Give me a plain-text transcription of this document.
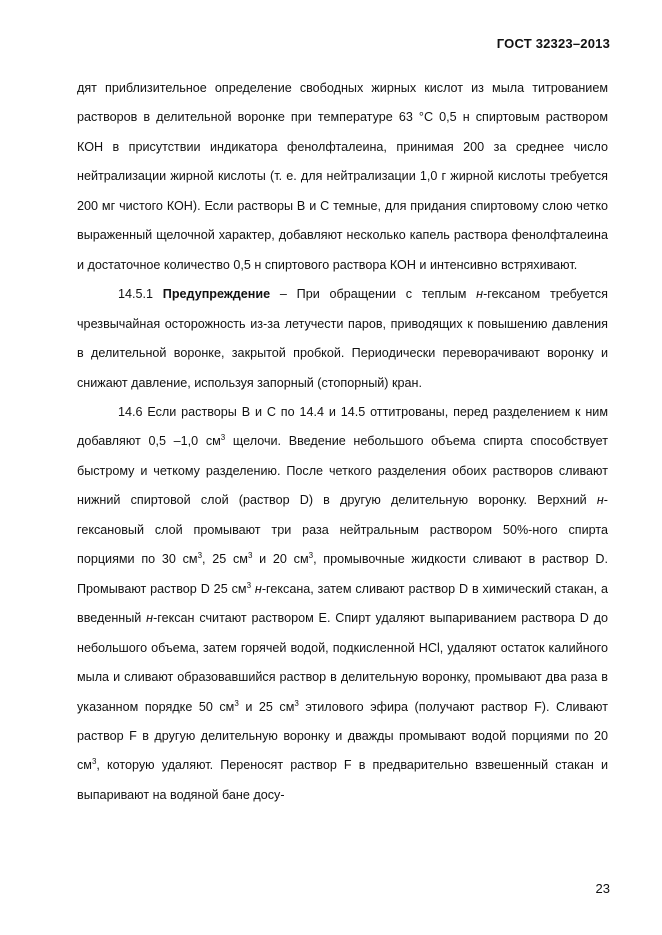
ГОСТ 32323–2013

дят приблизительное определение свободных жирных кислот из мыла титрованием растворов в делительной воронке при температуре 63 °С 0,5 н спиртовым раствором КОН в присутствии индикатора фенолфталеина, принимая 200 за среднее число нейтрализации жирной кислоты (т. е. для нейтрализации 1,0 г жирной кислоты требуется 200 мг чистого КОН). Если растворы В и С темные, для придания спиртовому слою четко выраженный щелочной характер, добавляют несколько капель раствора фенолфталеина и достаточное количество 0,5 н спиртового раствора КОН и интенсивно встряхивают.

14.5.1 Предупреждение – При обращении с теплым н-гексаном требуется чрезвычайная осторожность из-за летучести паров, приводящих к повышению давления в делительной воронке, закрытой пробкой. Периодически переворачивают воронку и снижают давление, используя запорный (стопорный) кран.

14.6 Если растворы В и С по 14.4 и 14.5 оттитрованы, перед разделением к ним добавляют 0,5 –1,0 $см^3$ щелочи. Введение небольшого объема спирта способствует быстрому и четкому разделению. После четкого разделения обоих растворов сливают нижний спиртовой слой (раствор D) в другую делительную воронку. Верхний н-гексановый слой промывают три раза нейтральным раствором 50%-ного спирта порциями по 30 $см^3$, 25 $см^3$ и 20 $см^3$, промывочные жидкости сливают в раствор D. Промывают раствор D 25 $см^3$ н-гексана, затем сливают раствор D в химический стакан, а введенный н-гексан считают раствором Е. Спирт удаляют выпариванием раствора D до небольшого объема, затем горячей водой, подкисленной HCl, удаляют остаток калийного мыла и сливают образовавшийся раствор в делительную воронку, промывают два раза в указанном порядке 50 $см^3$ и 25 $см^3$ этилового эфира (получают раствор F). Сливают раствор F в другую делительную воронку и дважды промывают водой порциями по 20 $см^3$, которую удаляют. Переносят раствор F в предварительно взвешенный стакан и выпаривают на водяной бане досу-

23
